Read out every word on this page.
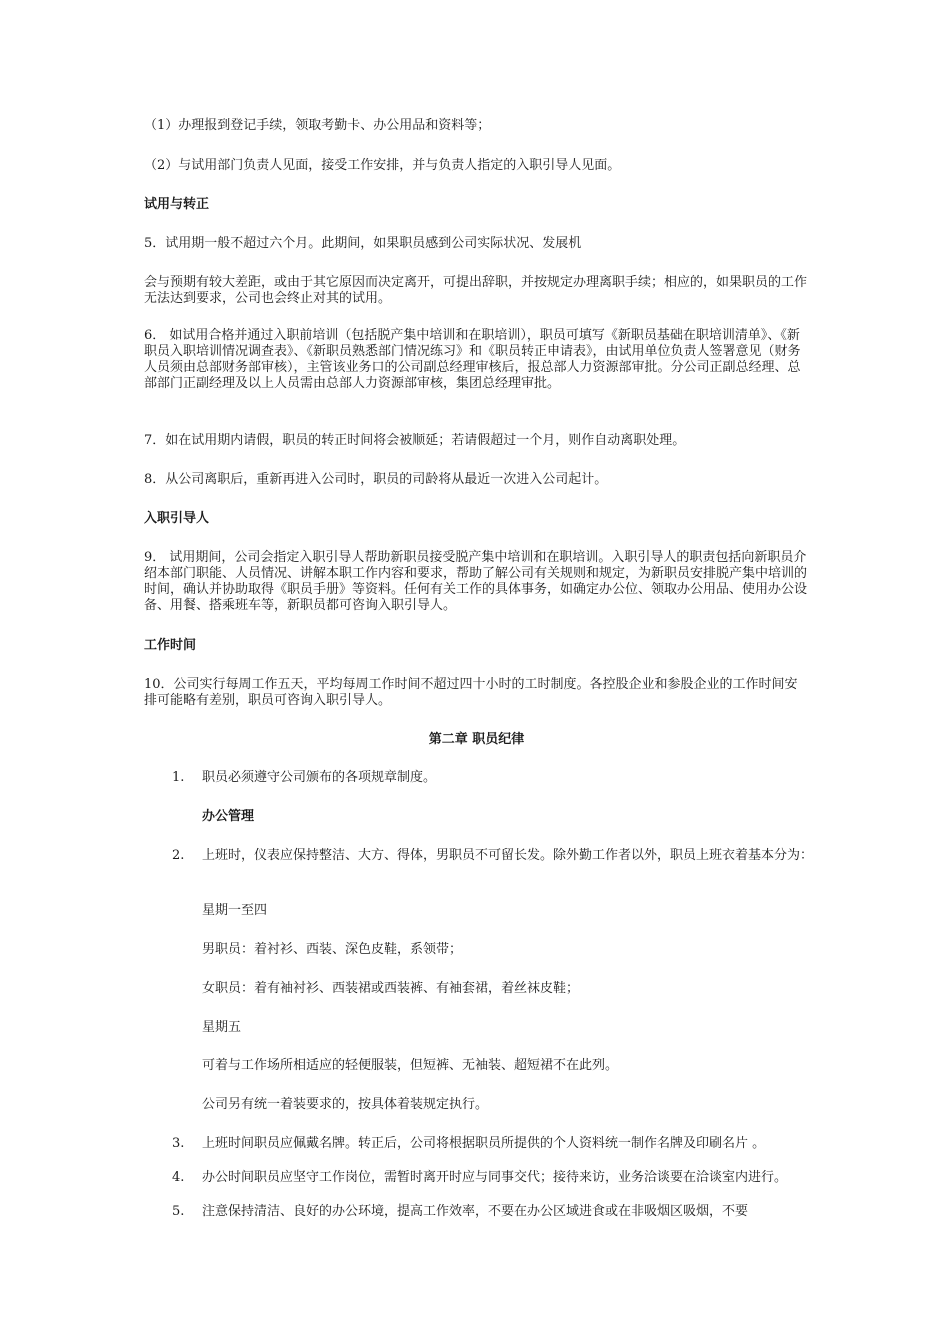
（1）办理报到登记手续，领取考勤卡、办公用品和资料等；

（2）与试用部门负责人见面，接受工作安排，并与负责人指定的入职引导人见面。

试用与转正

5．试用期一般不超过六个月。此期间，如果职员感到公司实际状况、发展机

会与预期有较大差距，或由于其它原因而决定离开，可提出辞职，并按规定办理离职手续；相应的，如果职员的工作无法达到要求，公司也会终止对其的试用。

6． 如试用合格并通过入职前培训（包括脱产集中培训和在职培训），职员可填写《新职员基础在职培训清单》、《新职员入职培训情况调查表》、《新职员熟悉部门情况练习》和《职员转正申请表》，由试用单位负责人签署意见（财务人员须由总部财务部审核），主管该业务口的公司副总经理审核后，报总部人力资源部审批。分公司正副总经理、总部部门正副经理及以上人员需由总部人力资源部审核，集团总经理审批。

7．如在试用期内请假，职员的转正时间将会被顺延；若请假超过一个月，则作自动离职处理。

8．从公司离职后，重新再进入公司时，职员的司龄将从最近一次进入公司起计。

入职引导人

9． 试用期间，公司会指定入职引导人帮助新职员接受脱产集中培训和在职培训。入职引导人的职责包括向新职员介绍本部门职能、人员情况、讲解本职工作内容和要求，帮助了解公司有关规则和规定，为新职员安排脱产集中培训的时间，确认并协助取得《职员手册》等资料。任何有关工作的具体事务，如确定办公位、领取办公用品、使用办公设备、用餐、搭乘班车等，新职员都可咨询入职引导人。

工作时间

10．公司实行每周工作五天，平均每周工作时间不超过四十小时的工时制度。各控股企业和参股企业的工作时间安排可能略有差别，职员可咨询入职引导人。

第二章 职员纪律

1. 职员必须遵守公司颁布的各项规章制度。

办公管理

2. 上班时，仪表应保持整洁、大方、得体，男职员不可留长发。除外勤工作者以外，职员上班衣着基本分为：

星期一至四

男职员：着衬衫、西装、深色皮鞋，系领带；

女职员：着有袖衬衫、西装裙或西装裤、有袖套裙，着丝袜皮鞋；

星期五

可着与工作场所相适应的轻便服装，但短裤、无袖装、超短裙不在此列。

公司另有统一着装要求的，按具体着装规定执行。

3. 上班时间职员应佩戴名牌。转正后，公司将根据职员所提供的个人资料统一制作名牌及印刷名片 。

4. 办公时间职员应坚守工作岗位，需暂时离开时应与同事交代；接待来访，业务洽谈要在洽谈室内进行。

5. 注意保持清洁、良好的办公环境，提高工作效率，不要在办公区域进食或在非吸烟区吸烟，不要
